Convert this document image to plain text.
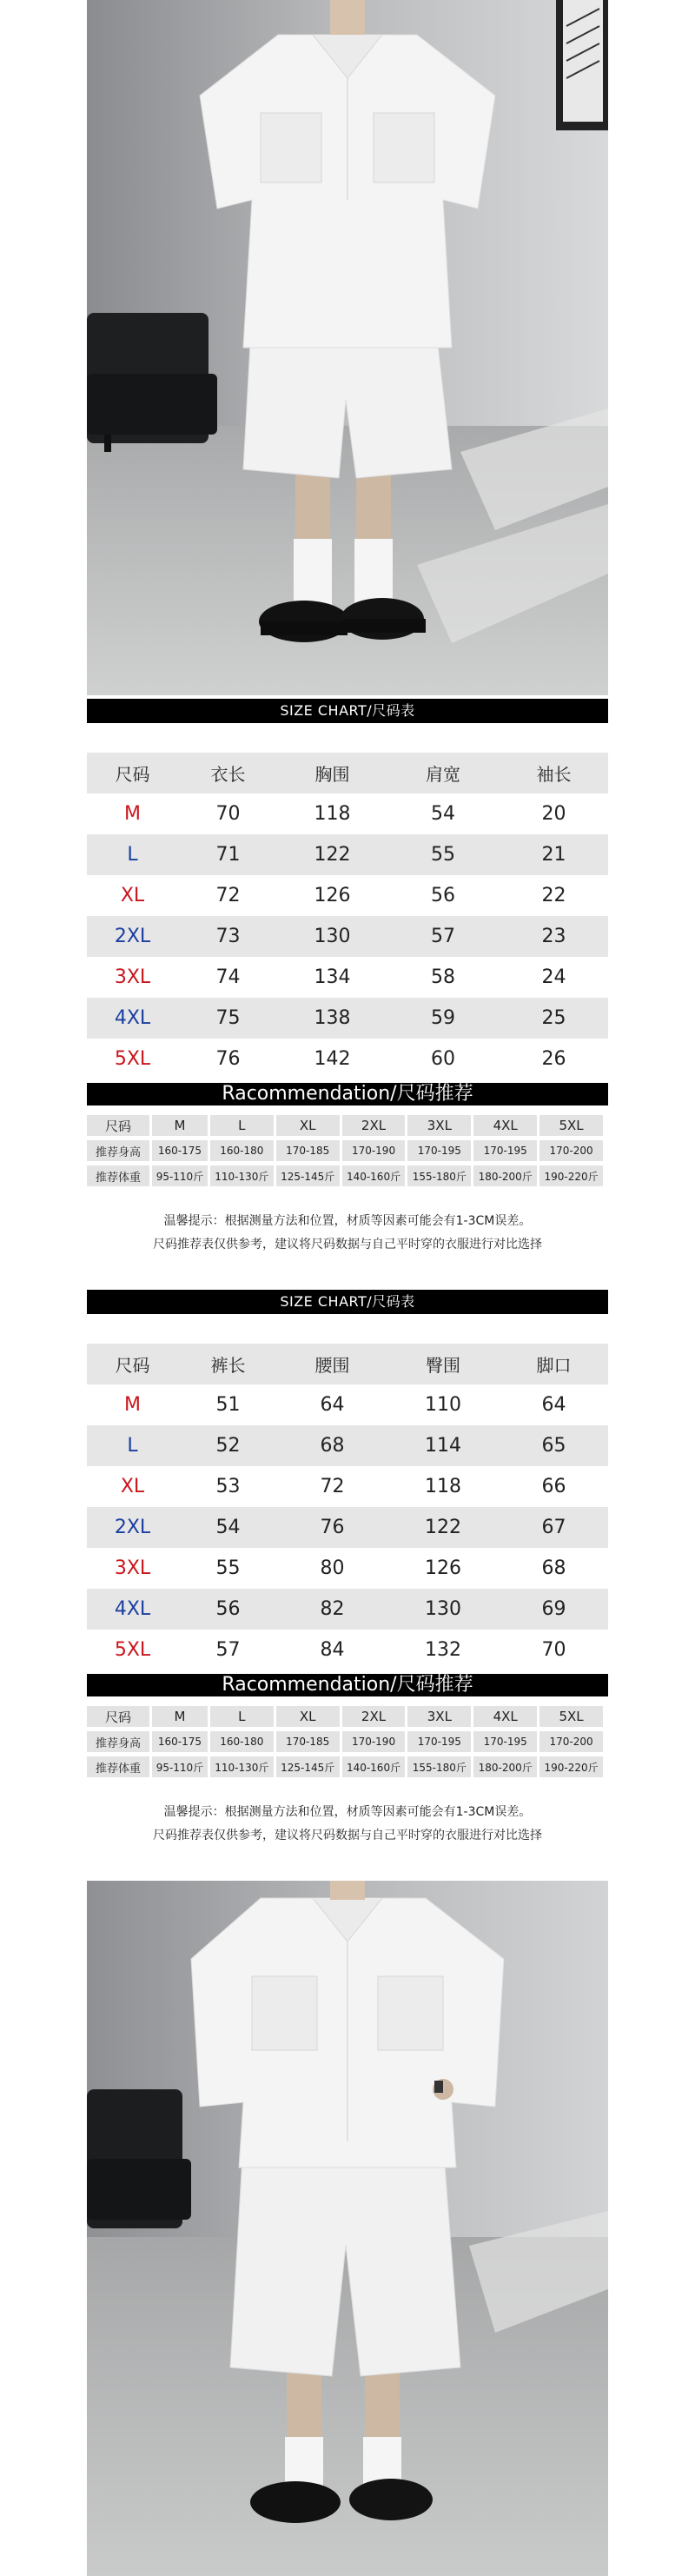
SIZE CHART/尺码表
尺码	衣长	胸围	肩宽	袖长
M	70	118	54	20
L	71	122	55	21
XL	72	126	56	22
2XL	73	130	57	23
3XL	74	134	58	24
4XL	75	138	59	25
5XL	76	142	60	26
Racommendation/尺码推荐
尺码	M	L	XL	2XL	3XL	4XL	5XL
推荐身高	160-175	160-180	170-185	170-190	170-195	170-195	170-200
推荐体重	95-110斤	110-130斤	125-145斤	140-160斤	155-180斤	180-200斤	190-220斤
温馨提示：根据测量方法和位置，材质等因素可能会有1-3CM误差。
尺码推荐表仅供参考，建议将尺码数据与自己平时穿的衣服进行对比选择
SIZE CHART/尺码表
尺码	裤长	腰围	臀围	脚口
M	51	64	110	64
L	52	68	114	65
XL	53	72	118	66
2XL	54	76	122	67
3XL	55	80	126	68
4XL	56	82	130	69
5XL	57	84	132	70
Racommendation/尺码推荐
尺码	M	L	XL	2XL	3XL	4XL	5XL
推荐身高	160-175	160-180	170-185	170-190	170-195	170-195	170-200
推荐体重	95-110斤	110-130斤	125-145斤	140-160斤	155-180斤	180-200斤	190-220斤
温馨提示：根据测量方法和位置，材质等因素可能会有1-3CM误差。
尺码推荐表仅供参考，建议将尺码数据与自己平时穿的衣服进行对比选择
